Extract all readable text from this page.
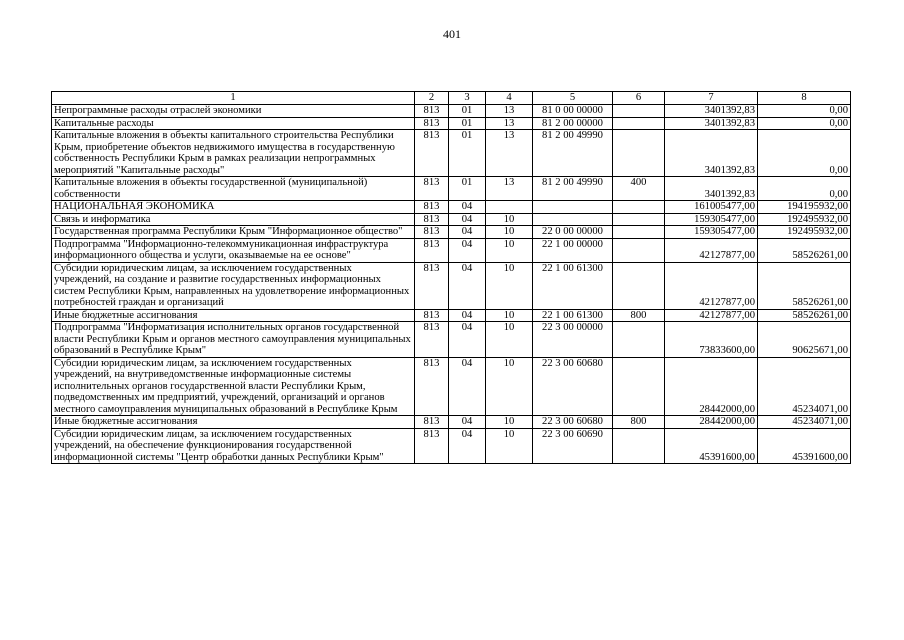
401
1	2	3	4	5	6	7	8
Непрограммные расходы отраслей экономики	813	01	13	81 0 00 00000		3401392,83	0,00
Капитальные расходы	813	01	13	81 2 00 00000		3401392,83	0,00
Капитальные вложения в объекты капитального строительства Республики Крым, приобретение объектов недвижимого имущества в государственную собственность Республики Крым в рамках реализации непрограммных мероприятий "Капитальные расходы"	813	01	13	81 2 00 49990		3401392,83	0,00
Капитальные вложения в объекты государственной (муниципальной) собственности	813	01	13	81 2 00 49990	400	3401392,83	0,00
НАЦИОНАЛЬНАЯ ЭКОНОМИКА	813	04				161005477,00	194195932,00
Связь и информатика	813	04	10			159305477,00	192495932,00
Государственная программа Республики Крым "Информационное общество"	813	04	10	22 0 00 00000		159305477,00	192495932,00
Подпрограмма "Информационно-телекоммуникационная инфраструктура информационного общества и услуги, оказываемые на ее основе"	813	04	10	22 1 00 00000		42127877,00	58526261,00
Субсидии юридическим лицам, за исключением государственных учреждений, на создание и развитие государственных информационных систем Республики Крым, направленных на удовлетворение информационных потребностей граждан и организаций	813	04	10	22 1 00 61300		42127877,00	58526261,00
Иные бюджетные ассигнования	813	04	10	22 1 00 61300	800	42127877,00	58526261,00
Подпрограмма "Информатизация исполнительных органов государственной власти Республики Крым и органов местного самоуправления муниципальных образований в Республике Крым"	813	04	10	22 3 00 00000		73833600,00	90625671,00
Субсидии юридическим лицам, за исключением государственных учреждений, на внутриведомственные информационные системы исполнительных органов государственной власти Республики Крым, подведомственных им предприятий, учреждений, организаций и органов местного самоуправления муниципальных образований в Республике Крым	813	04	10	22 3 00 60680		28442000,00	45234071,00
Иные бюджетные ассигнования	813	04	10	22 3 00 60680	800	28442000,00	45234071,00
Субсидии юридическим лицам, за исключением государственных учреждений, на обеспечение функционирования государственной информационной системы "Центр обработки данных Республики Крым"	813	04	10	22 3 00 60690		45391600,00	45391600,00
